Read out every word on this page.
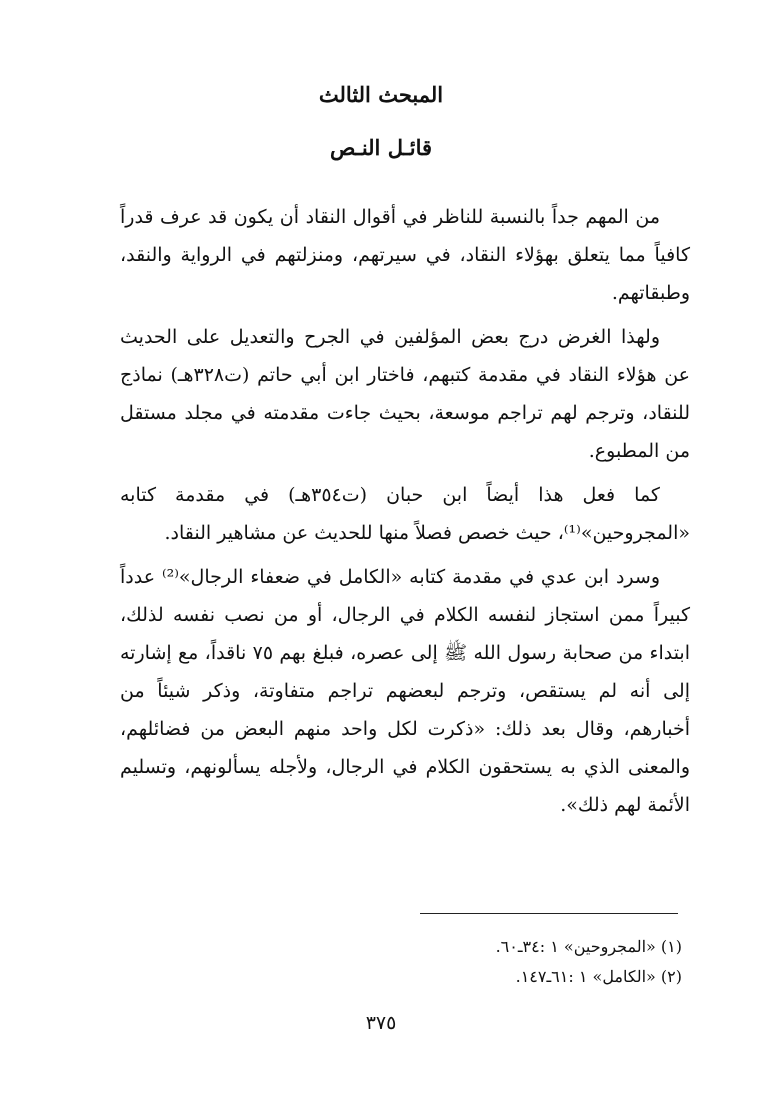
المبحث الثالث
قائـل النـص

من المهم جداً بالنسبة للناظر في أقوال النقاد أن يكون قد عرف قدراً كافياً مما يتعلق بهؤلاء النقاد، في سيرتهم، ومنزلتهم في الرواية والنقد، وطبقاتهم.

ولهذا الغرض درج بعض المؤلفين في الجرح والتعديل على الحديث عن هؤلاء النقاد في مقدمة كتبهم، فاختار ابن أبي حاتم (ت٣٢٨هـ) نماذج للنقاد، وترجم لهم تراجم موسعة، بحيث جاءت مقدمته في مجلد مستقل من المطبوع.

كما فعل هذا أيضاً ابن حبان (ت٣٥٤هـ) في مقدمة كتابه «المجروحين»⁽¹⁾، حيث خصص فصلاً منها للحديث عن مشاهير النقاد.

وسرد ابن عدي في مقدمة كتابه «الكامل في ضعفاء الرجال»⁽²⁾ عدداً كبيراً ممن استجاز لنفسه الكلام في الرجال، أو من نصب نفسه لذلك، ابتداء من صحابة رسول الله ﷺ إلى عصره، فبلغ بهم ٧٥ ناقداً، مع إشارته إلى أنه لم يستقص، وترجم لبعضهم تراجم متفاوتة، وذكر شيئاً من أخبارهم، وقال بعد ذلك: «ذكرت لكل واحد منهم البعض من فضائلهم، والمعنى الذي به يستحقون الكلام في الرجال، ولأجله يسألونهم، وتسليم الأئمة لهم ذلك».

(١) «المجروحين» ١ :٣٤ـ٦٠.

(٢) «الكامل» ١ :٦١ـ١٤٧.

٣٧٥
